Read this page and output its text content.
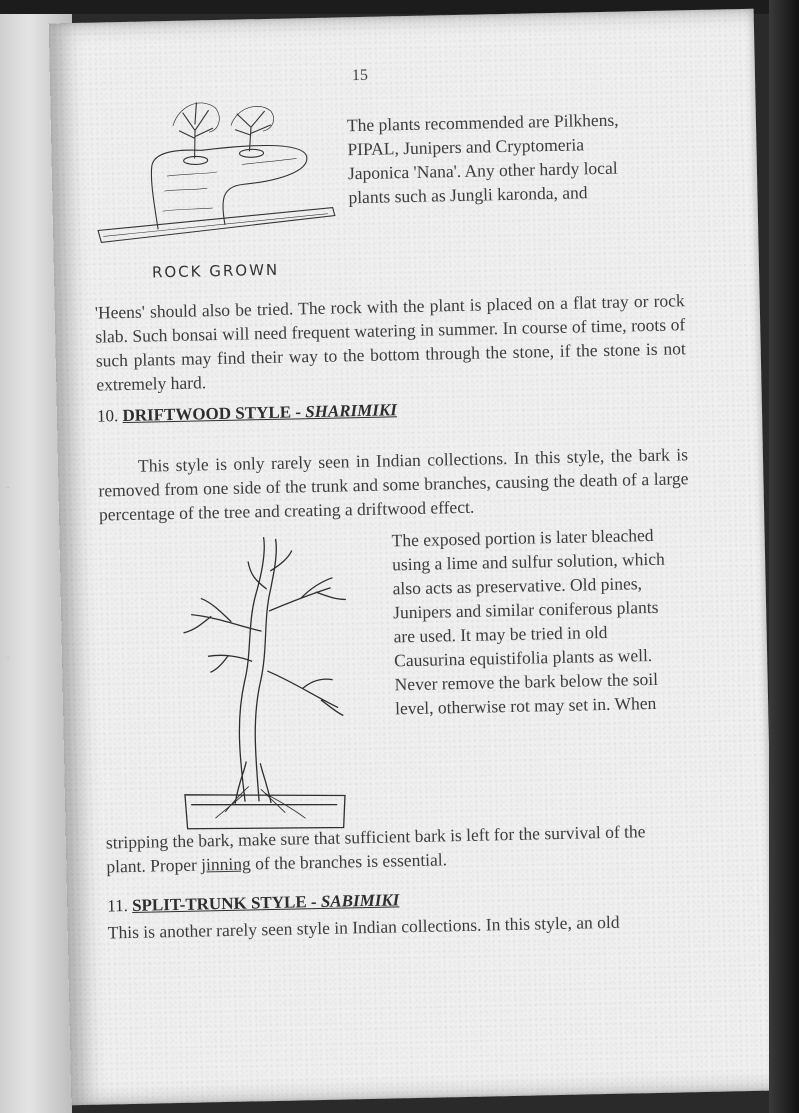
..
..
15
ROCK GROWN
The plants recommended are Pilkhens,
PIPAL, Junipers and Cryptomeria
Japonica 'Nana'. Any other hardy local
plants such as Jungli karonda, and
'Heens' should also be tried. The rock with the plant is placed on a flat tray or rock slab. Such bonsai will need frequent watering in summer. In course of time, roots of such plants may find their way to the bottom through the stone, if the stone is not extremely hard.
10. DRIFTWOOD STYLE - SHARIMIKI
This style is only rarely seen in Indian collections. In this style, the bark is removed from one side of the trunk and some branches, causing the death of a large percentage of the tree and creating a driftwood effect.
The exposed portion is later bleached
using a lime and sulfur solution, which
also acts as preservative. Old pines,
Junipers and similar coniferous plants
are used. It may be tried in old
Causurina equistifolia plants as well.
Never remove the bark below the soil
level, otherwise rot may set in. When
stripping the bark, make sure that sufficient bark is left for the survival of the
plant. Proper jinning of the branches is essential.
11. SPLIT-TRUNK STYLE - SABIMIKI
This is another rarely seen style in Indian collections. In this style, an old
